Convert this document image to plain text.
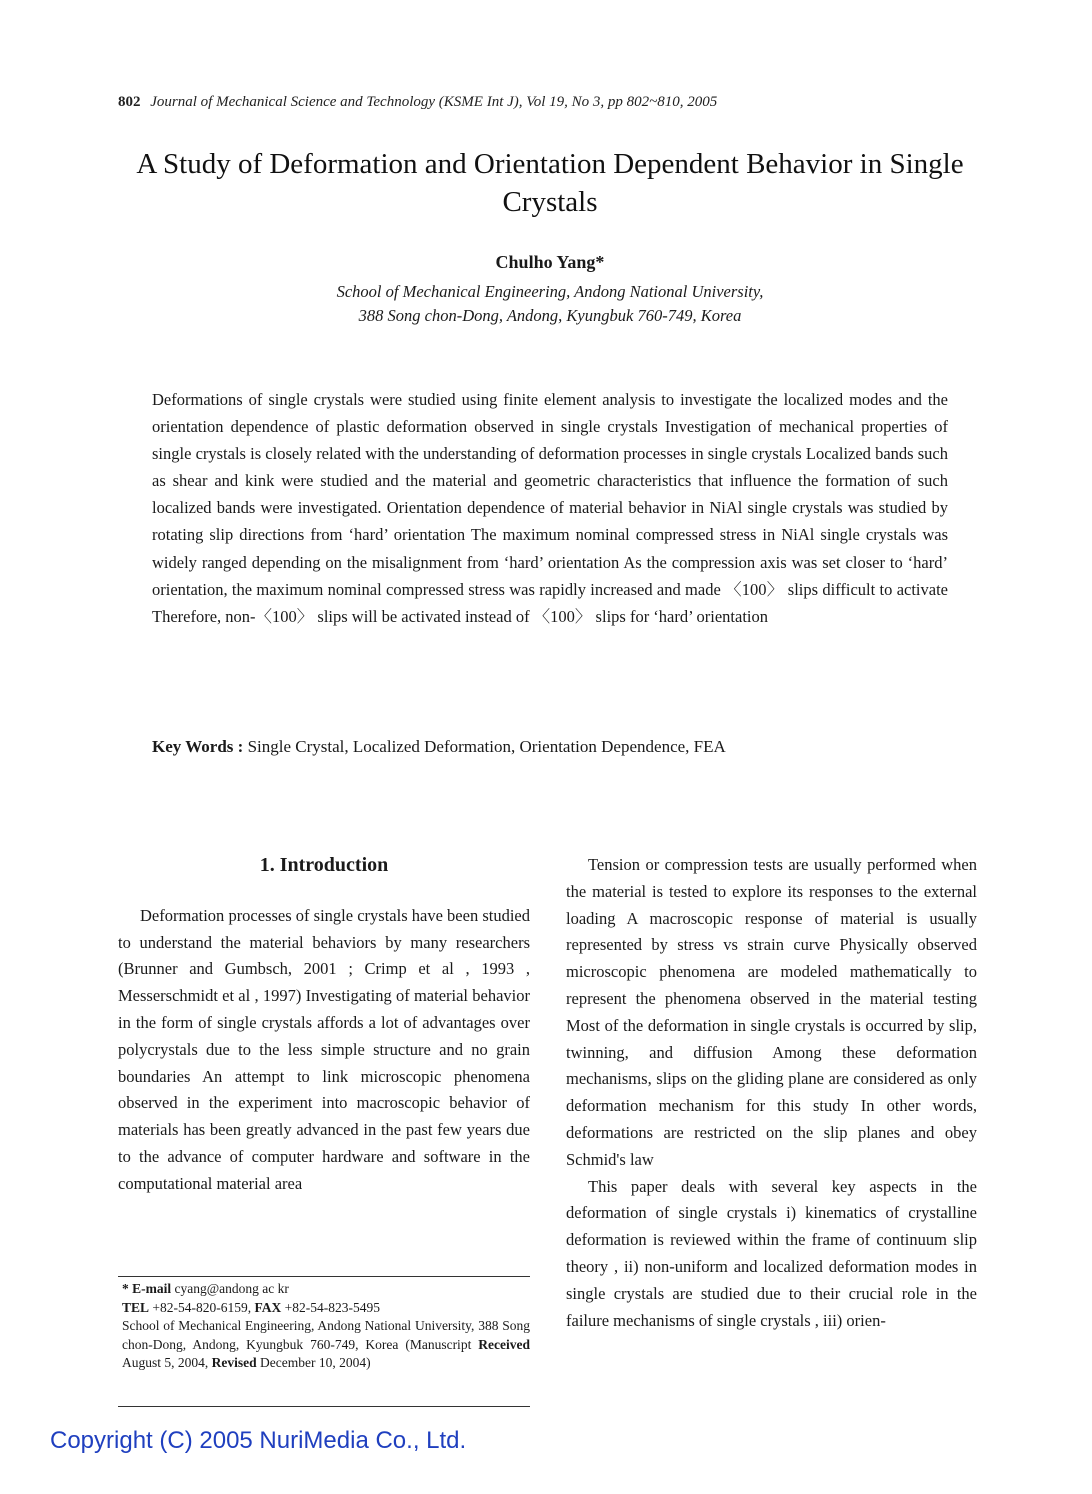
802 Journal of Mechanical Science and Technology (KSME Int J), Vol 19, No 3, pp 802~810, 2005
A Study of Deformation and Orientation Dependent Behavior in Single Crystals
Chulho Yang*
School of Mechanical Engineering, Andong National University,
388 Song chon-Dong, Andong, Kyungbuk 760-749, Korea
Deformations of single crystals were studied using finite element analysis to investigate the localized modes and the orientation dependence of plastic deformation observed in single crystals Investigation of mechanical properties of single crystals is closely related with the understanding of deformation processes in single crystals Localized bands such as shear and kink were studied and the material and geometric characteristics that influence the formation of such localized bands were investigated. Orientation dependence of material behavior in NiAl single crystals was studied by rotating slip directions from ‘hard’ orientation The maximum nominal compressed stress in NiAl single crystals was widely ranged depending on the misalignment from ‘hard’ orientation As the compression axis was set closer to ‘hard’ orientation, the maximum nominal compressed stress was rapidly increased and made 〈100〉 slips difficult to activate Therefore, non-〈100〉 slips will be activated instead of 〈100〉 slips for ‘hard’ orientation
Key Words : Single Crystal, Localized Deformation, Orientation Dependence, FEA
1. Introduction

Deformation processes of single crystals have been studied to understand the material behaviors by many researchers (Brunner and Gumbsch, 2001 ; Crimp et al , 1993 , Messerschmidt et al , 1997) Investigating of material behavior in the form of single crystals affords a lot of advantages over polycrystals due to the less simple structure and no grain boundaries An attempt to link microscopic phenomena observed in the experiment into macroscopic behavior of materials has been greatly advanced in the past few years due to the advance of computer hardware and software in the computational material area

Tension or compression tests are usually performed when the material is tested to explore its responses to the external loading A macroscopic response of material is usually represented by stress vs strain curve Physically observed microscopic phenomena are modeled mathematically to represent the phenomena observed in the material testing Most of the deformation in single crystals is occurred by slip, twinning, and diffusion Among these deformation mechanisms, slips on the gliding plane are considered as only deformation mechanism for this study In other words, deformations are restricted on the slip planes and obey Schmid's law

This paper deals with several key aspects in the deformation of single crystals i) kinematics of crystalline deformation is reviewed within the frame of continuum slip theory , ii) non-uniform and localized deformation modes in single crystals are studied due to their crucial role in the failure mechanisms of single crystals , iii) orien-

* E-mail cyang@andong ac kr
TEL +82-54-820-6159, FAX +82-54-823-5495
School of Mechanical Engineering, Andong National University, 388 Song chon-Dong, Andong, Kyungbuk 760-749, Korea (Manuscript Received August 5, 2004, Revised December 10, 2004)
Copyright (C) 2005 NuriMedia Co., Ltd.
